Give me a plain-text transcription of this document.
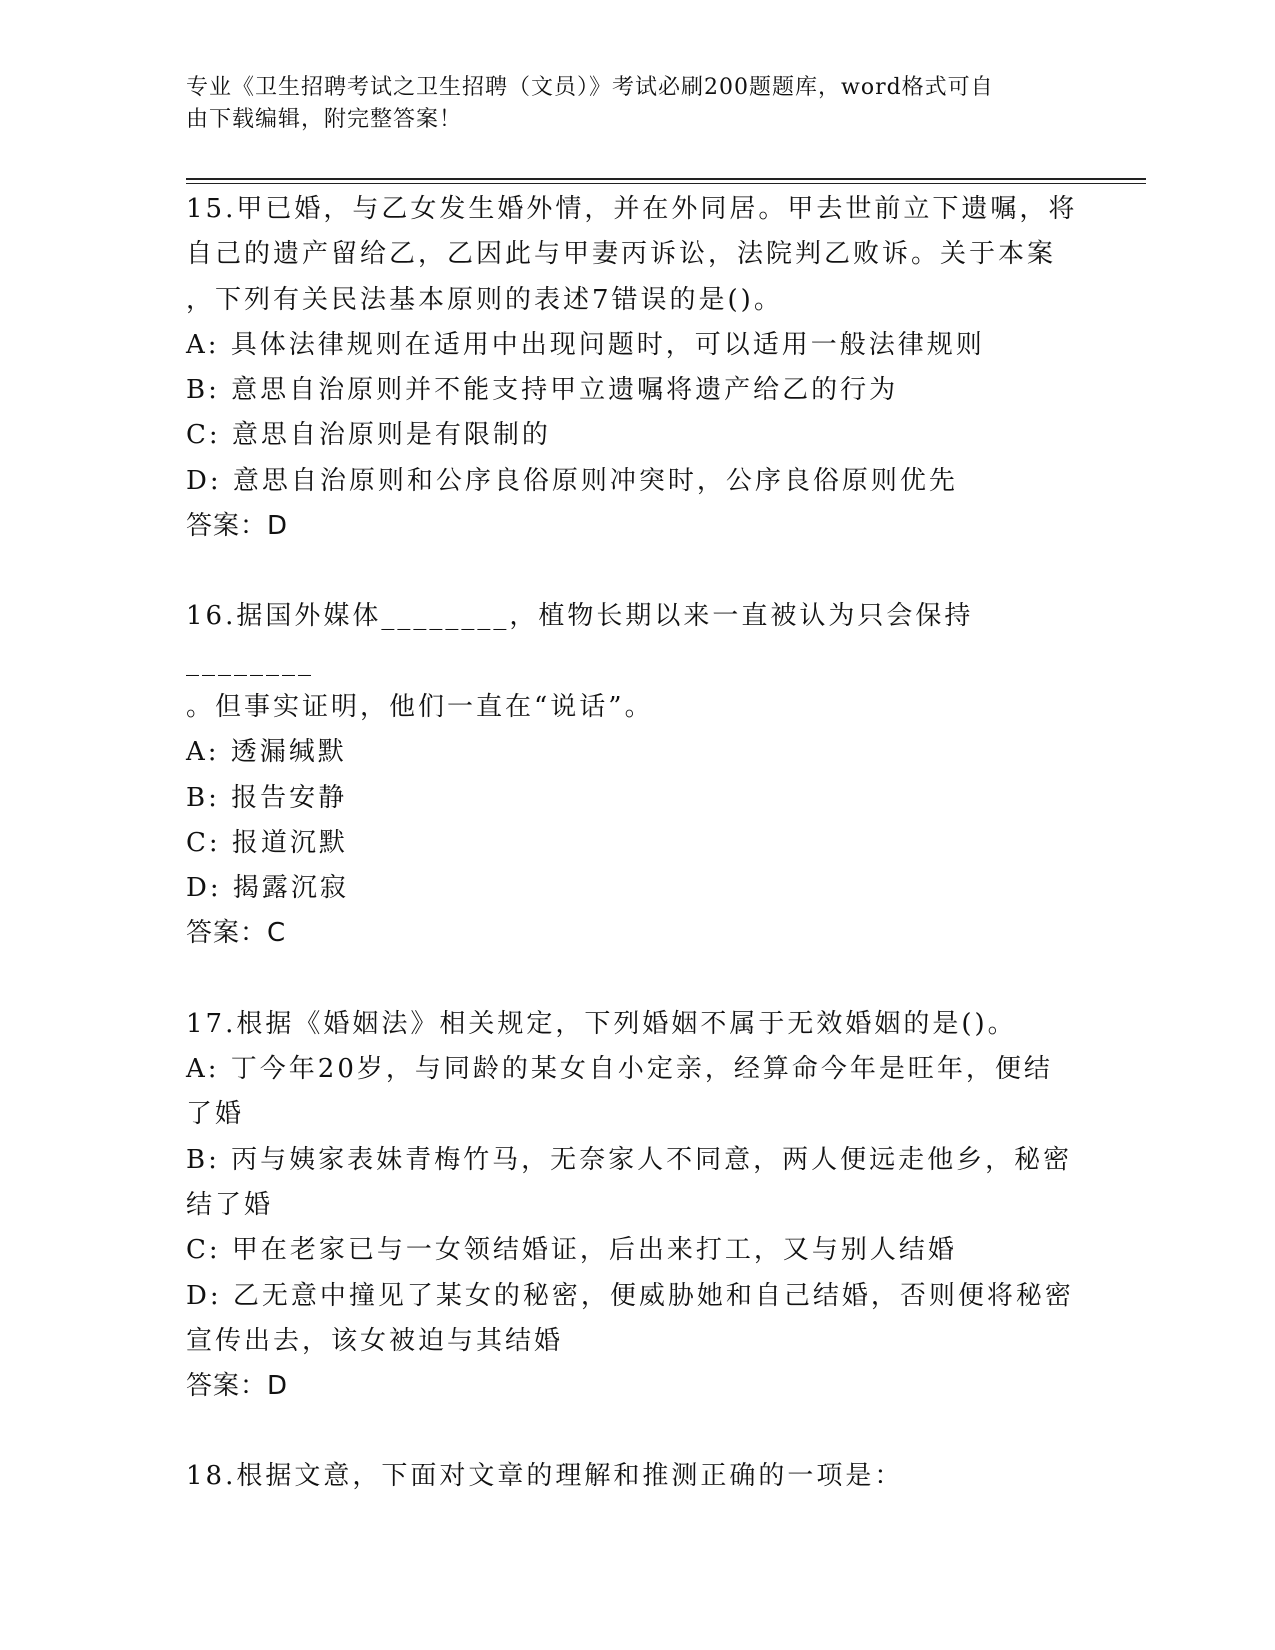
专业《卫生招聘考试之卫生招聘（文员）》考试必刷200题题库，word格式可自
由下载编辑，附完整答案！

15.甲已婚，与乙女发生婚外情，并在外同居。甲去世前立下遗嘱，将

自己的遗产留给乙，乙因此与甲妻丙诉讼，法院判乙败诉。关于本案

，下列有关民法基本原则的表述7错误的是()。

A: 具体法律规则在适用中出现问题时，可以适用一般法律规则

B: 意思自治原则并不能支持甲立遗嘱将遗产给乙的行为

C: 意思自治原则是有限制的

D: 意思自治原则和公序良俗原则冲突时，公序良俗原则优先

答案：D

16.据国外媒体________，植物长期以来一直被认为只会保持________

。但事实证明，他们一直在“说话”。

A: 透漏缄默

B: 报告安静

C: 报道沉默

D: 揭露沉寂

答案：C

17.根据《婚姻法》相关规定，下列婚姻不属于无效婚姻的是()。

A: 丁今年20岁，与同龄的某女自小定亲，经算命今年是旺年，便结

了婚

B: 丙与姨家表妹青梅竹马，无奈家人不同意，两人便远走他乡，秘密

结了婚

C: 甲在老家已与一女领结婚证，后出来打工，又与别人结婚

D: 乙无意中撞见了某女的秘密，便威胁她和自己结婚，否则便将秘密

宣传出去，该女被迫与其结婚

答案：D

18.根据文意，下面对文章的理解和推测正确的一项是：
